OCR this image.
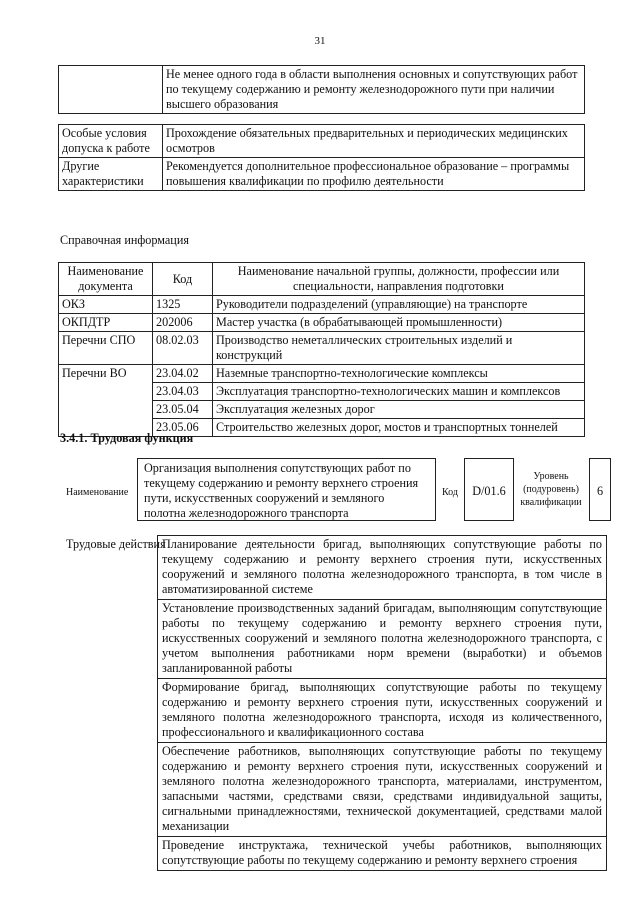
31
	Не менее одного года в области выполнения основных и сопутствующих работ по текущему содержанию и ремонту железнодорожного пути при наличии высшего образования
Особые условия допуска к работе	Прохождение обязательных предварительных и периодических медицинских осмотров
Другие характеристики	Рекомендуется дополнительное профессиональное образование – программы повышения квалификации по профилю деятельности
Справочная информация
Наименование документа	Код	Наименование начальной группы, должности, профессии или специальности, направления подготовки
ОКЗ	1325	Руководители подразделений (управляющие) на транспорте
ОКПДТР	202006	Мастер участка (в обрабатывающей промышленности)
Перечни СПО	08.02.03	Производство неметаллических строительных изделий и конструкций
Перечни ВО	23.04.02	Наземные транспортно-технологические комплексы
	23.04.03	Эксплуатация транспортно-технологических машин и комплексов
	23.05.04	Эксплуатация железных дорог
	23.05.06	Строительство железных дорог, мостов и транспортных тоннелей
3.4.1. Трудовая функция
Наименование
Организация выполнения сопутствующих работ по текущему содержанию и ремонту верхнего строения пути, искусственных сооружений и земляного полотна железнодорожного транспорта
Код	D/01.6
Уровень (подуровень) квалификации
6
Трудовые действия
Планирование деятельности бригад, выполняющих сопутствующие работы по текущему содержанию и ремонту верхнего строения пути, искусственных сооружений и земляного полотна железнодорожного транспорта, в том числе в автоматизированной системе
Установление производственных заданий бригадам, выполняющим сопутствующие работы по текущему содержанию и ремонту верхнего строения пути, искусственных сооружений и земляного полотна железнодорожного транспорта, с учетом выполнения работниками норм времени (выработки) и объемов запланированной работы
Формирование бригад, выполняющих сопутствующие работы по текущему содержанию и ремонту верхнего строения пути, искусственных сооружений и земляного полотна железнодорожного транспорта, исходя из количественного, профессионального и квалификационного состава
Обеспечение работников, выполняющих сопутствующие работы по текущему содержанию и ремонту верхнего строения пути, искусственных сооружений и земляного полотна железнодорожного транспорта, материалами, инструментом, запасными частями, средствами связи, средствами индивидуальной защиты, сигнальными принадлежностями, технической документацией, средствами малой механизации
Проведение инструктажа, технической учебы работников, выполняющих сопутствующие работы по текущему содержанию и ремонту верхнего строения
